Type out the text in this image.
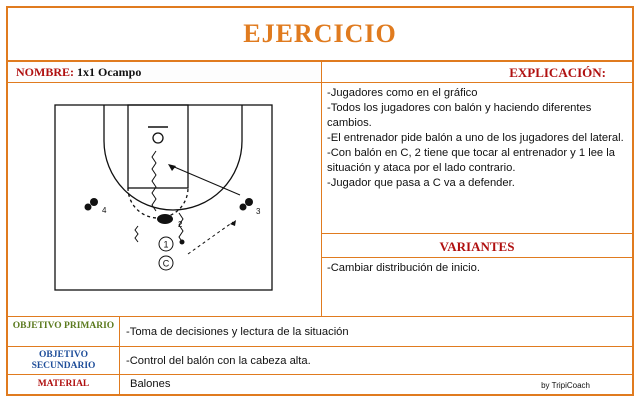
EJERCICIO
NOMBRE: 1x1 Ocampo	EXPLICACIÓN:
4	3
2
1
C

-Jugadores como en el gráfico

-Todos los jugadores con balón y haciendo diferentes cambios.

-El entrenador pide balón a uno de los jugadores del lateral.

-Con balón en C, 2 tiene que tocar al entrenador y 1 lee la situación y ataca por el lado contrario.

-Jugador que pasa a C va a defender.

VARIANTES
-Cambiar distribución de inicio.
OBJETIVO PRIMARIO	-Toma de decisiones y lectura de la situación
OBJETIVO SECUNDARIO	-Control del balón con la cabeza alta.
MATERIAL	Balones	by TripiCoach
